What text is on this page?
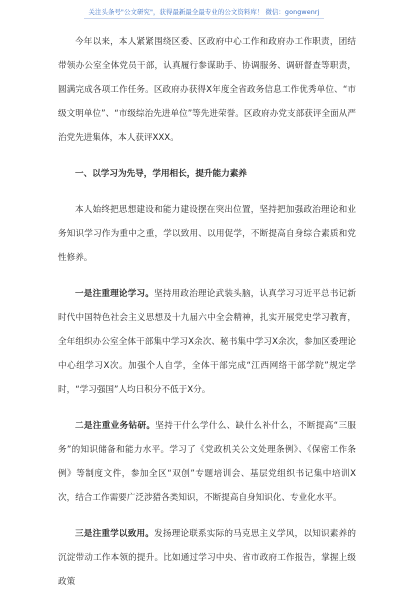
关注头条号"公文研究"，获得最新最全最专业的公文资料库！ 微信：gongwenrj

今年以来，本人紧紧围绕区委、区政府中心工作和政府办工作职责，团结带领办公室全体党员干部，认真履行参谋助手、协调服务、调研督查等职责，圆满完成各项工作任务。区政府办获得X年度全省政务信息工作优秀单位、“市级文明单位”、“市级综治先进单位”等先进荣誉。区政府办党支部获评全面从严治党先进集体，本人获评XXX。

一、以学习为先导，学用相长，提升能力素养

本人始终把思想建设和能力建设摆在突出位置，坚持把加强政治理论和业务知识学习作为重中之重，学以致用、以用促学，不断提高自身综合素质和党性修养。

一是注重理论学习。坚持用政治理论武装头脑，认真学习习近平总书记新时代中国特色社会主义思想及十九届六中全会精神，扎实开展党史学习教育，全年组织办公室全体干部集中学习X余次、秘书集中学习X余次，参加区委理论中心组学习X次。加强个人自学，全体干部完成“江西网络干部学院”规定学时，“学习强国”人均日积分不低于X分。

二是注重业务钻研。坚持干什么学什么、缺什么补什么，不断提高“三服务”的知识储备和能力水平。学习了《党政机关公文处理条例》、《保密工作条例》等制度文件，参加全区“双创”专题培训会、基层党组织书记集中培训X次，结合工作需要广泛涉猎各类知识，不断提高自身知识化、专业化水平。

三是注重学以致用。发扬理论联系实际的马克思主义学风，以知识素养的沉淀带动工作本领的提升。比如通过学习中央、省市政府工作报告，掌握上级政策
